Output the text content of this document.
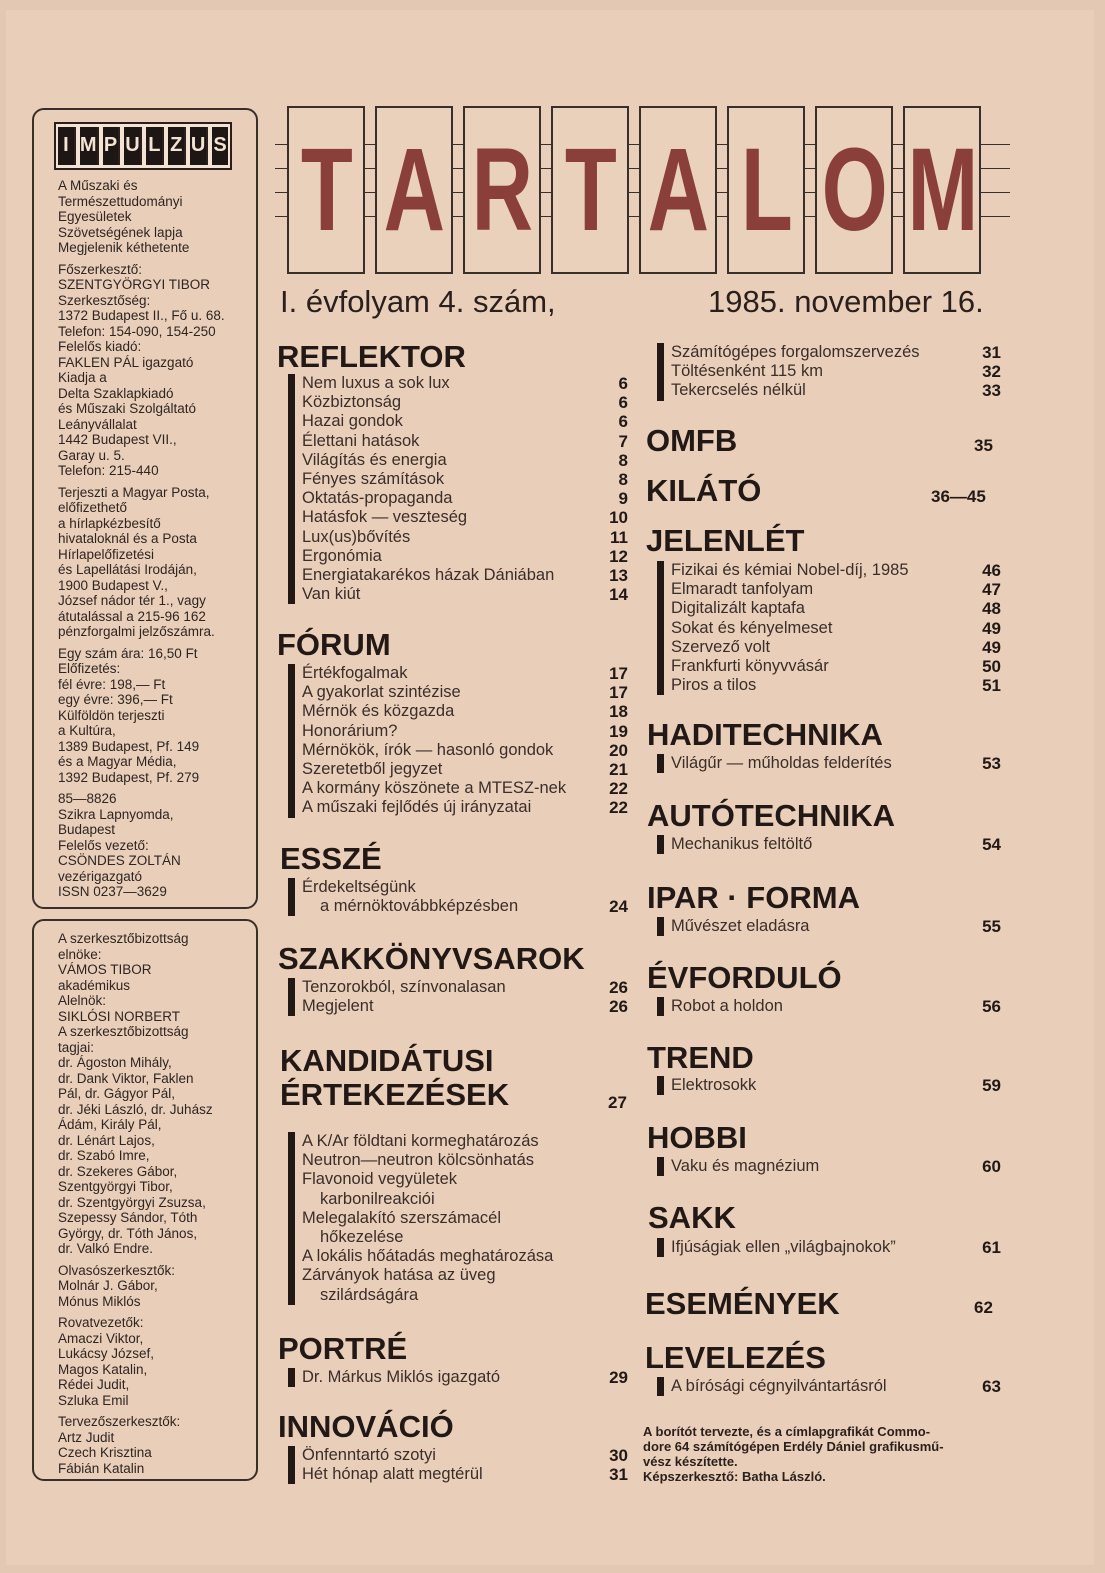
I M P U L Z U S

A Műszaki és
Természettudományi
Egyesületek
Szövetségének lapja
Megjelenik kéthetente

Főszerkesztő:
SZENTGYÖRGYI TIBOR
Szerkesztőség:
1372 Budapest II., Fő u. 68.
Telefon: 154-090, 154-250
Felelős kiadó:
FAKLEN PÁL igazgató
Kiadja a
Delta Szaklapkiadó
és Műszaki Szolgáltató
Leányvállalat
1442 Budapest VII.,
Garay u. 5.
Telefon: 215-440

Terjeszti a Magyar Posta,
előfizethető
a hírlapkézbesítő
hivataloknál és a Posta
Hírlapelőfizetési
és Lapellátási Irodáján,
1900 Budapest V.,
József nádor tér 1., vagy
átutalással a 215-96 162
pénzforgalmi jelzőszámra.

Egy szám ára: 16,50 Ft
Előfizetés:
fél évre: 198,— Ft
egy évre: 396,— Ft
Külföldön terjeszti
a Kultúra,
1389 Budapest, Pf. 149
és a Magyar Média,
1392 Budapest, Pf. 279

85—8826
Szikra Lapnyomda,
Budapest
Felelős vezető:
CSÖNDES ZOLTÁN
vezérigazgató
ISSN 0237—3629

A szerkesztőbizottság
elnöke:
VÁMOS TIBOR
akadémikus
Alelnök:
SIKLÓSI NORBERT
A szerkesztőbizottság
tagjai:
dr. Ágoston Mihály,
dr. Dank Viktor, Faklen
Pál, dr. Gágyor Pál,
dr. Jéki László, dr. Juhász
Ádám, Király Pál,
dr. Lénárt Lajos,
dr. Szabó Imre,
dr. Szekeres Gábor,
Szentgyörgyi Tibor,
dr. Szentgyörgyi Zsuzsa,
Szepessy Sándor, Tóth
György, dr. Tóth János,
dr. Valkó Endre.

Olvasószerkesztők:
Molnár J. Gábor,
Mónus Miklós

Rovatvezetők:
Amaczi Viktor,
Lukácsy József,
Magos Katalin,
Rédei Judit,
Szluka Emil

Tervezőszerkesztők:
Artz Judit
Czech Krisztina
Fábián Katalin

T A R T A L O M
I. évfolyam 4. szám,	1985. november 16.
REFLEKTOR
Nem luxus a sok lux	6
Közbiztonság	6
Hazai gondok	6
Élettani hatások	7
Világítás és energia	8
Fényes számítások	8
Oktatás-propaganda	9
Hatásfok — veszteség	10
Lux(us)bővítés	11
Ergonómia	12
Energiatakarékos házak Dániában	13
Van kiút	14
FÓRUM
Értékfogalmak	17
A gyakorlat szintézise	17
Mérnök és közgazda	18
Honorárium?	19
Mérnökök, írók — hasonló gondok	20
Szeretetből jegyzet	21
A kormány köszönete a MTESZ-nek	22
A műszaki fejlődés új irányzatai	22
ESSZÉ
Érdekeltségünk
a mérnöktovábbképzésben	24
SZAKKÖNYVSAROK
Tenzorokból, színvonalasan	26
Megjelent	26
KANDIDÁTUSI
ÉRTEKEZÉSEK	27
A K/Ar földtani kormeghatározás
Neutron—neutron kölcsönhatás
Flavonoid vegyületek
karbonilreakciói
Melegalakító szerszámacél
hőkezelése
A lokális hőátadás meghatározása
Zárványok hatása az üveg
szilárdságára
PORTRÉ
Dr. Márkus Miklós igazgató	29
INNOVÁCIÓ
Önfenntartó szotyi	30
Hét hónap alatt megtérül	31
Számítógépes forgalomszervezés	31
Töltésenként 115 km	32
Tekercselés nélkül	33
OMFB	35
KILÁTÓ	36—45
JELENLÉT
Fizikai és kémiai Nobel-díj, 1985	46
Elmaradt tanfolyam	47
Digitalizált kaptafa	48
Sokat és kényelmeset	49
Szervező volt	49
Frankfurti könyvvásár	50
Piros a tilos	51
HADITECHNIKA
Világűr — műholdas felderítés	53
AUTÓTECHNIKA
Mechanikus feltöltő	54
IPAR · FORMA
Művészet eladásra	55
ÉVFORDULÓ
Robot a holdon	56
TREND
Elektrosokk	59
HOBBI
Vaku és magnézium	60
SAKK
Ifjúságiak ellen „világbajnokok”	61
ESEMÉNYEK	62
LEVELEZÉS
A bírósági cégnyilvántartásról	63
A borítót tervezte, és a címlapgrafikát Commo-
dore 64 számítógépen Erdély Dániel grafikusmű-
vész készítette.
Képszerkesztő: Batha László.
